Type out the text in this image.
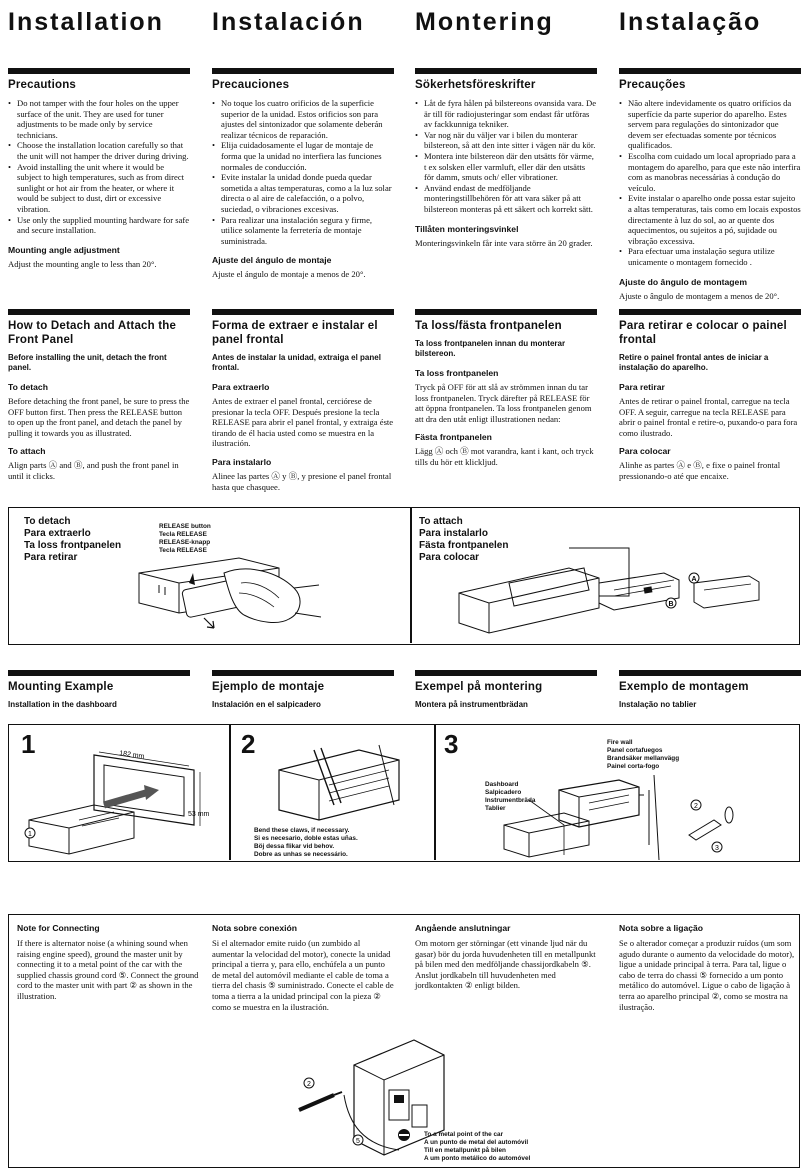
Installation Instalación Montering	Instalação
Precautions
• Do not tamper with the four holes on the upper surface of the unit. They are used for tuner adjustments to be made only by service technicians.
• Choose the installation location carefully so that the unit will not hamper the driver during driving.
• Avoid installing the unit where it would be subject to high temperatures, such as from direct sunlight or hot air from the heater, or where it would be subject to dust, dirt or excessive vibration.
• Use only the supplied mounting hardware for safe and secure installation.
Mounting angle adjustment
Adjust the mounting angle to less than 20°.
Precauciones
• No toque los cuatro orificios de la superficie superior de la unidad. Estos orificios son para ajustes del sintonizador que solamente deberán realizar técnicos de reparación.
• Elija cuidadosamente el lugar de montaje de forma que la unidad no interfiera las funciones normales de conducción.
• Evite instalar la unidad donde pueda quedar sometida a altas temperaturas, como a la luz solar directa o al aire de calefacción, o a polvo, suciedad, o vibraciones excesivas.
• Para realizar una instalación segura y firme, utilice solamente la ferretería de montaje suministrada.
Ajuste del ángulo de montaje
Ajuste el ángulo de montaje a menos de 20°.
Sökerhetsföreskrifter
• Låt de fyra hålen på bilstereons ovansida vara. De är till för radiojusteringar som endast får utföras av fackkunniga tekniker.
• Var nog när du väljer var i bilen du monterar bilstereon, så att den inte sitter i vägen när du kör.
• Montera inte bilstereon där den utsätts för värme, t ex solsken eller varmluft, eller där den utsätts för damm, smuts och/ eller vibrationer.
• Använd endast de medföljande monteringstillbehören för att vara säker på att bilstereon monteras på ett säkert och korrekt sätt.
Tillåten monteringsvinkel
Monteringsvinkeln får inte vara större än 20 grader.
Precauções
• Não altere indevidamente os quatro orifícios da superfície da parte superior do aparelho. Estes servem para regulações do sintonizador que devem ser efectuadas somente por técnicos qualificados.
• Escolha com cuidado um local apropriado para a montagem do aparelho, para que este não interfira com as manobras necessárias à condução do veículo.
• Evite instalar o aparelho onde possa estar sujeito a altas temperaturas, tais como em locais expostos directamente à luz do sol, ao ar quente dos aquecimentos, ou sujeitos a pó, sujidade ou vibração excessiva.
• Para efectuar uma instalação segura utilize unicamente o montagem fornecido .
Ajuste do ângulo de montagem
Ajuste o ângulo de montagem a menos de 20°.
How to Detach and Attach the Front Panel
Before installing the unit, detach the front panel.
To detach
Before detaching the front panel, be sure to press the OFF button first. Then press the RELEASE button to open up the front panel, and detach the panel by pulling it towards you as illustrated.
To attach
Align parts Ⓐ and Ⓑ, and push the front panel in until it clicks.
Forma de extraer e instalar el panel frontal
Antes de instalar la unidad, extraiga el panel frontal.
Para extraerlo
Antes de extraer el panel frontal, cerciórese de presionar la tecla OFF. Después presione la tecla RELEASE para abrir el panel frontal, y extraiga éste tirando de él hacia usted como se muestra en la ilustración.
Para instalarlo
Alinee las partes Ⓐ y Ⓑ, y presione el panel frontal hasta que chasquee.
Ta loss/fästa frontpanelen
Ta loss frontpanelen innan du monterar bilstereon.
Ta loss frontpanelen
Tryck på OFF för att slå av strömmen innan du tar loss frontpanelen. Tryck därefter på RELEASE för att öppna frontpanelen. Ta loss frontpanelen genom att dra den utåt enligt illustrationen nedan:
Fästa frontpanelen
Lägg Ⓐ och Ⓑ mot varandra, kant i kant, och tryck tills du hör ett klickljud.
Para retirar e colocar o painel frontal
Retire o painel frontal antes de iniciar a instalação do aparelho.
Para retirar
Antes de retirar o painel frontal, carregue na tecla OFF. A seguir, carregue na tecla RELEASE para abrir o painel frontal e retire-o, puxando-o para fora como ilustrado.
Para colocar
Alinhe as partes Ⓐ e Ⓑ, e fixe o painel frontal pressionando-o até que encaixe.
To detach
Para extraerlo
Ta loss frontpanelen
Para retirar
RELEASE button
Tecla RELEASE
RELEASE-knapp
Tecla RELEASE
To attach
Para instalarlo
Fästa frontpanelen
Para colocar
B
A
Mounting Example
Installation in the dashboard
Ejemplo de montaje
Instalación en el salpicadero
Exempel på montering
Montera på instrumentbrädan
Exemplo de montagem
Instalação no tablier
1	182 mm
53 mm
1
2
Bend these claws, if necessary.
Si es necesario, doble estas uñas.
Böj dessa flikar vid behov.
Dobre as unhas se necessário.
3	Fire wall
Panel cortafuegos
Brandsäker mellanvägg
Painel corta-fogo
Dashboard
Salpicadero
Instrumentbräda
Tablier	2
3
Note for Connecting
If there is alternator noise (a whining sound when raising engine speed), ground the master unit by connecting it to a metal point of the car with the supplied chassis ground cord ⑤. Connect the ground cord to the master unit with part ② as shown in the illustration.
Nota sobre conexión
Si el alternador emite ruido (un zumbido al aumentar la velocidad del motor), conecte la unidad principal a tierra y, para ello, enchúfela a un punto de metal del automóvil mediante el cable de toma a tierra del chasis ⑤ suministrado. Conecte el cable de toma a tierra a la unidad principal con la pieza ② como se muestra en la ilustración.
Angående anslutningar
Om motorn ger störningar (ett vinande ljud när du gasar) bör du jorda huvudenheten till en metallpunkt på bilen med den medföljande chassijordkabeln ⑤. Anslut jordkabeln till huvudenheten med jordkontakten ② enligt bilden.
Nota sobre a ligação
Se o alterador começar a produzir ruídos (um som agudo durante o aumento da velocidade do motor), ligue a unidade principal à terra. Para tal, ligue o cabo de terra do chassi ⑤ fornecido a um ponto metálico do automóvel. Ligue o cabo de ligação à terra ao aparelho principal ②, como se mostra na ilustração.
2
5
To a metal point of the car
A un punto de metal del automóvil
Till en metallpunkt på bilen
A um ponto metálico do automóvel
